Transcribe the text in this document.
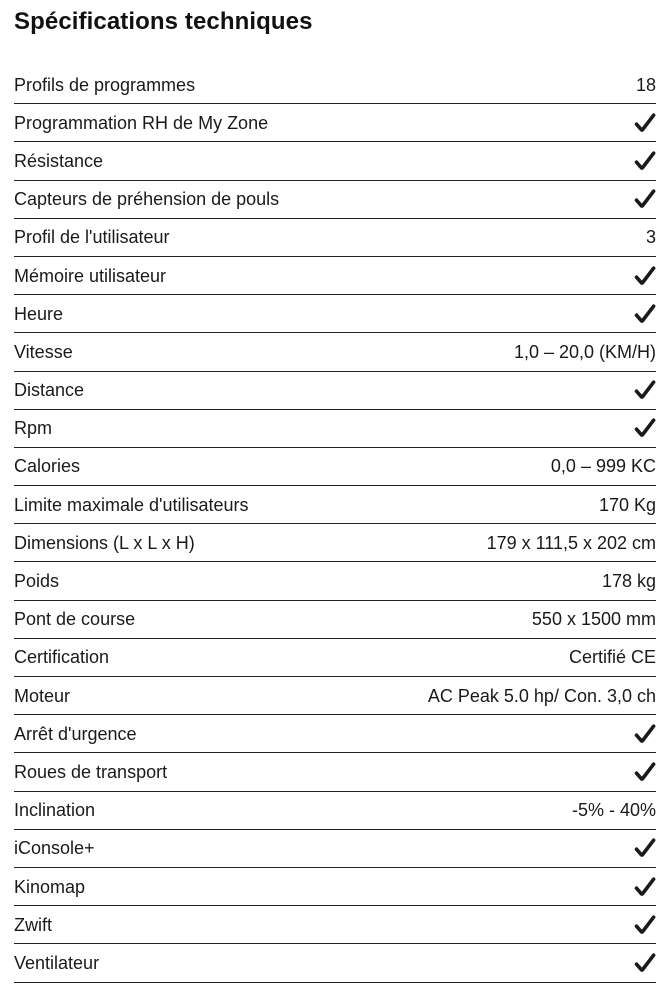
Spécifications techniques
Profils de programmes	18
Programmation RH de My Zone
Résistance
Capteurs de préhension de pouls
Profil de l'utilisateur	3
Mémoire utilisateur
Heure
Vitesse	1,0 – 20,0 (KM/H)
Distance
Rpm
Calories	0,0 – 999 KC
Limite maximale d'utilisateurs	170 Kg
Dimensions (L x L x H)	179 x 111,5 x 202 cm
Poids	178 kg
Pont de course	550 x 1500 mm
Certification	Certifié CE
Moteur	AC Peak 5.0 hp/ Con. 3,0 ch
Arrêt d'urgence
Roues de transport
Inclination	-5% - 40%
iConsole+
Kinomap
Zwift
Ventilateur
